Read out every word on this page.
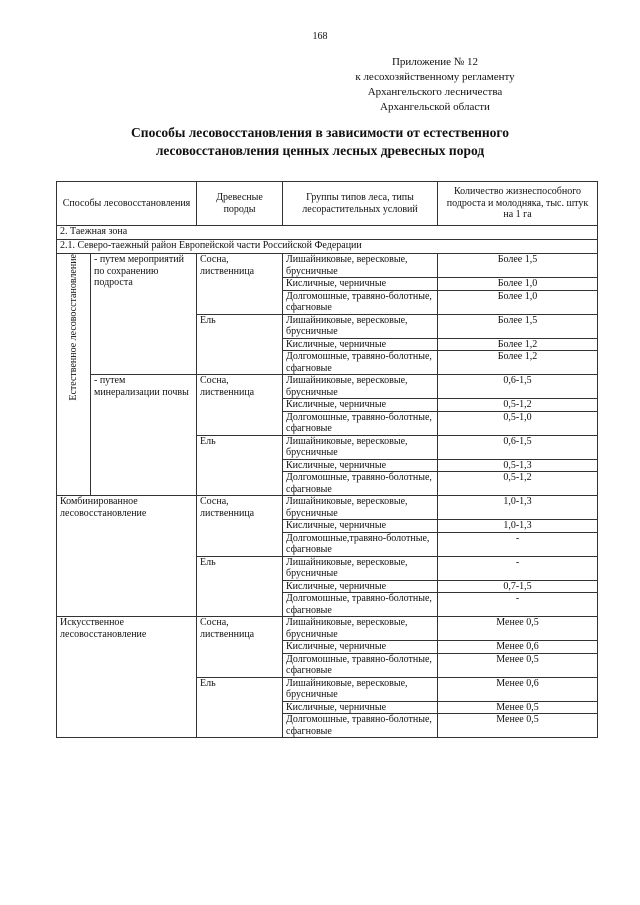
168
Приложение № 12
к лесохозяйственному регламенту
Архангельского лесничества
Архангельской области
Способы лесовосстановления в зависимости от естественного
лесовосстановления ценных лесных древесных пород
Способы лесовосстановления		Древесные породы	Группы типов леса, типы лесорастительных условий	Количество жизнеспособного подроста и молодняка, тыс. штук на 1 га
2. Таежная зона				
2.1. Северо-таежный район Европейской части Российской Федерации				

Естественное лесовосстановление	- путем мероприятий по сохранению подроста	Сосна, лиственница	Лишайниковые, вересковые, брусничные	Более 1,5
			Кисличные, черничные	Более 1,0
			Долгомошные, травяно-болотные, сфагновые	Более 1,0
		Ель	Лишайниковые, вересковые, брусничные	Более 1,5
			Кисличные, черничные	Более 1,2
			Долгомошные, травяно-болотные, сфагновые	Более 1,2
	- путем минерализации почвы	Сосна, лиственница	Лишайниковые, вересковые, брусничные	0,6-1,5
			Кисличные, черничные	0,5-1,2
			Долгомошные, травяно-болотные, сфагновые	0,5-1,0
		Ель	Лишайниковые, вересковые, брусничные	0,6-1,5
			Кисличные, черничные	0,5-1,3
			Долгомошные, травяно-болотные, сфагновые	0,5-1,2
Комбинированное лесовосстановление		Сосна, лиственница	Лишайниковые, вересковые, брусничные	1,0-1,3
			Кисличные, черничные	1,0-1,3
			Долгомошные,травяно-болотные, сфагновые	-
		Ель	Лишайниковые, вересковые, брусничные	-
			Кисличные, черничные	0,7-1,5
			Долгомошные, травяно-болотные, сфагновые	-
Искусственное лесовосстановление		Сосна, лиственница	Лишайниковые, вересковые, брусничные	Менее 0,5
			Кисличные, черничные	Менее 0,6
			Долгомошные, травяно-болотные, сфагновые	Менее 0,5
		Ель	Лишайниковые, вересковые, брусничные	Менее 0,6
			Кисличные, черничные	Менее 0,5
			Долгомошные, травяно-болотные, сфагновые	Менее 0,5
